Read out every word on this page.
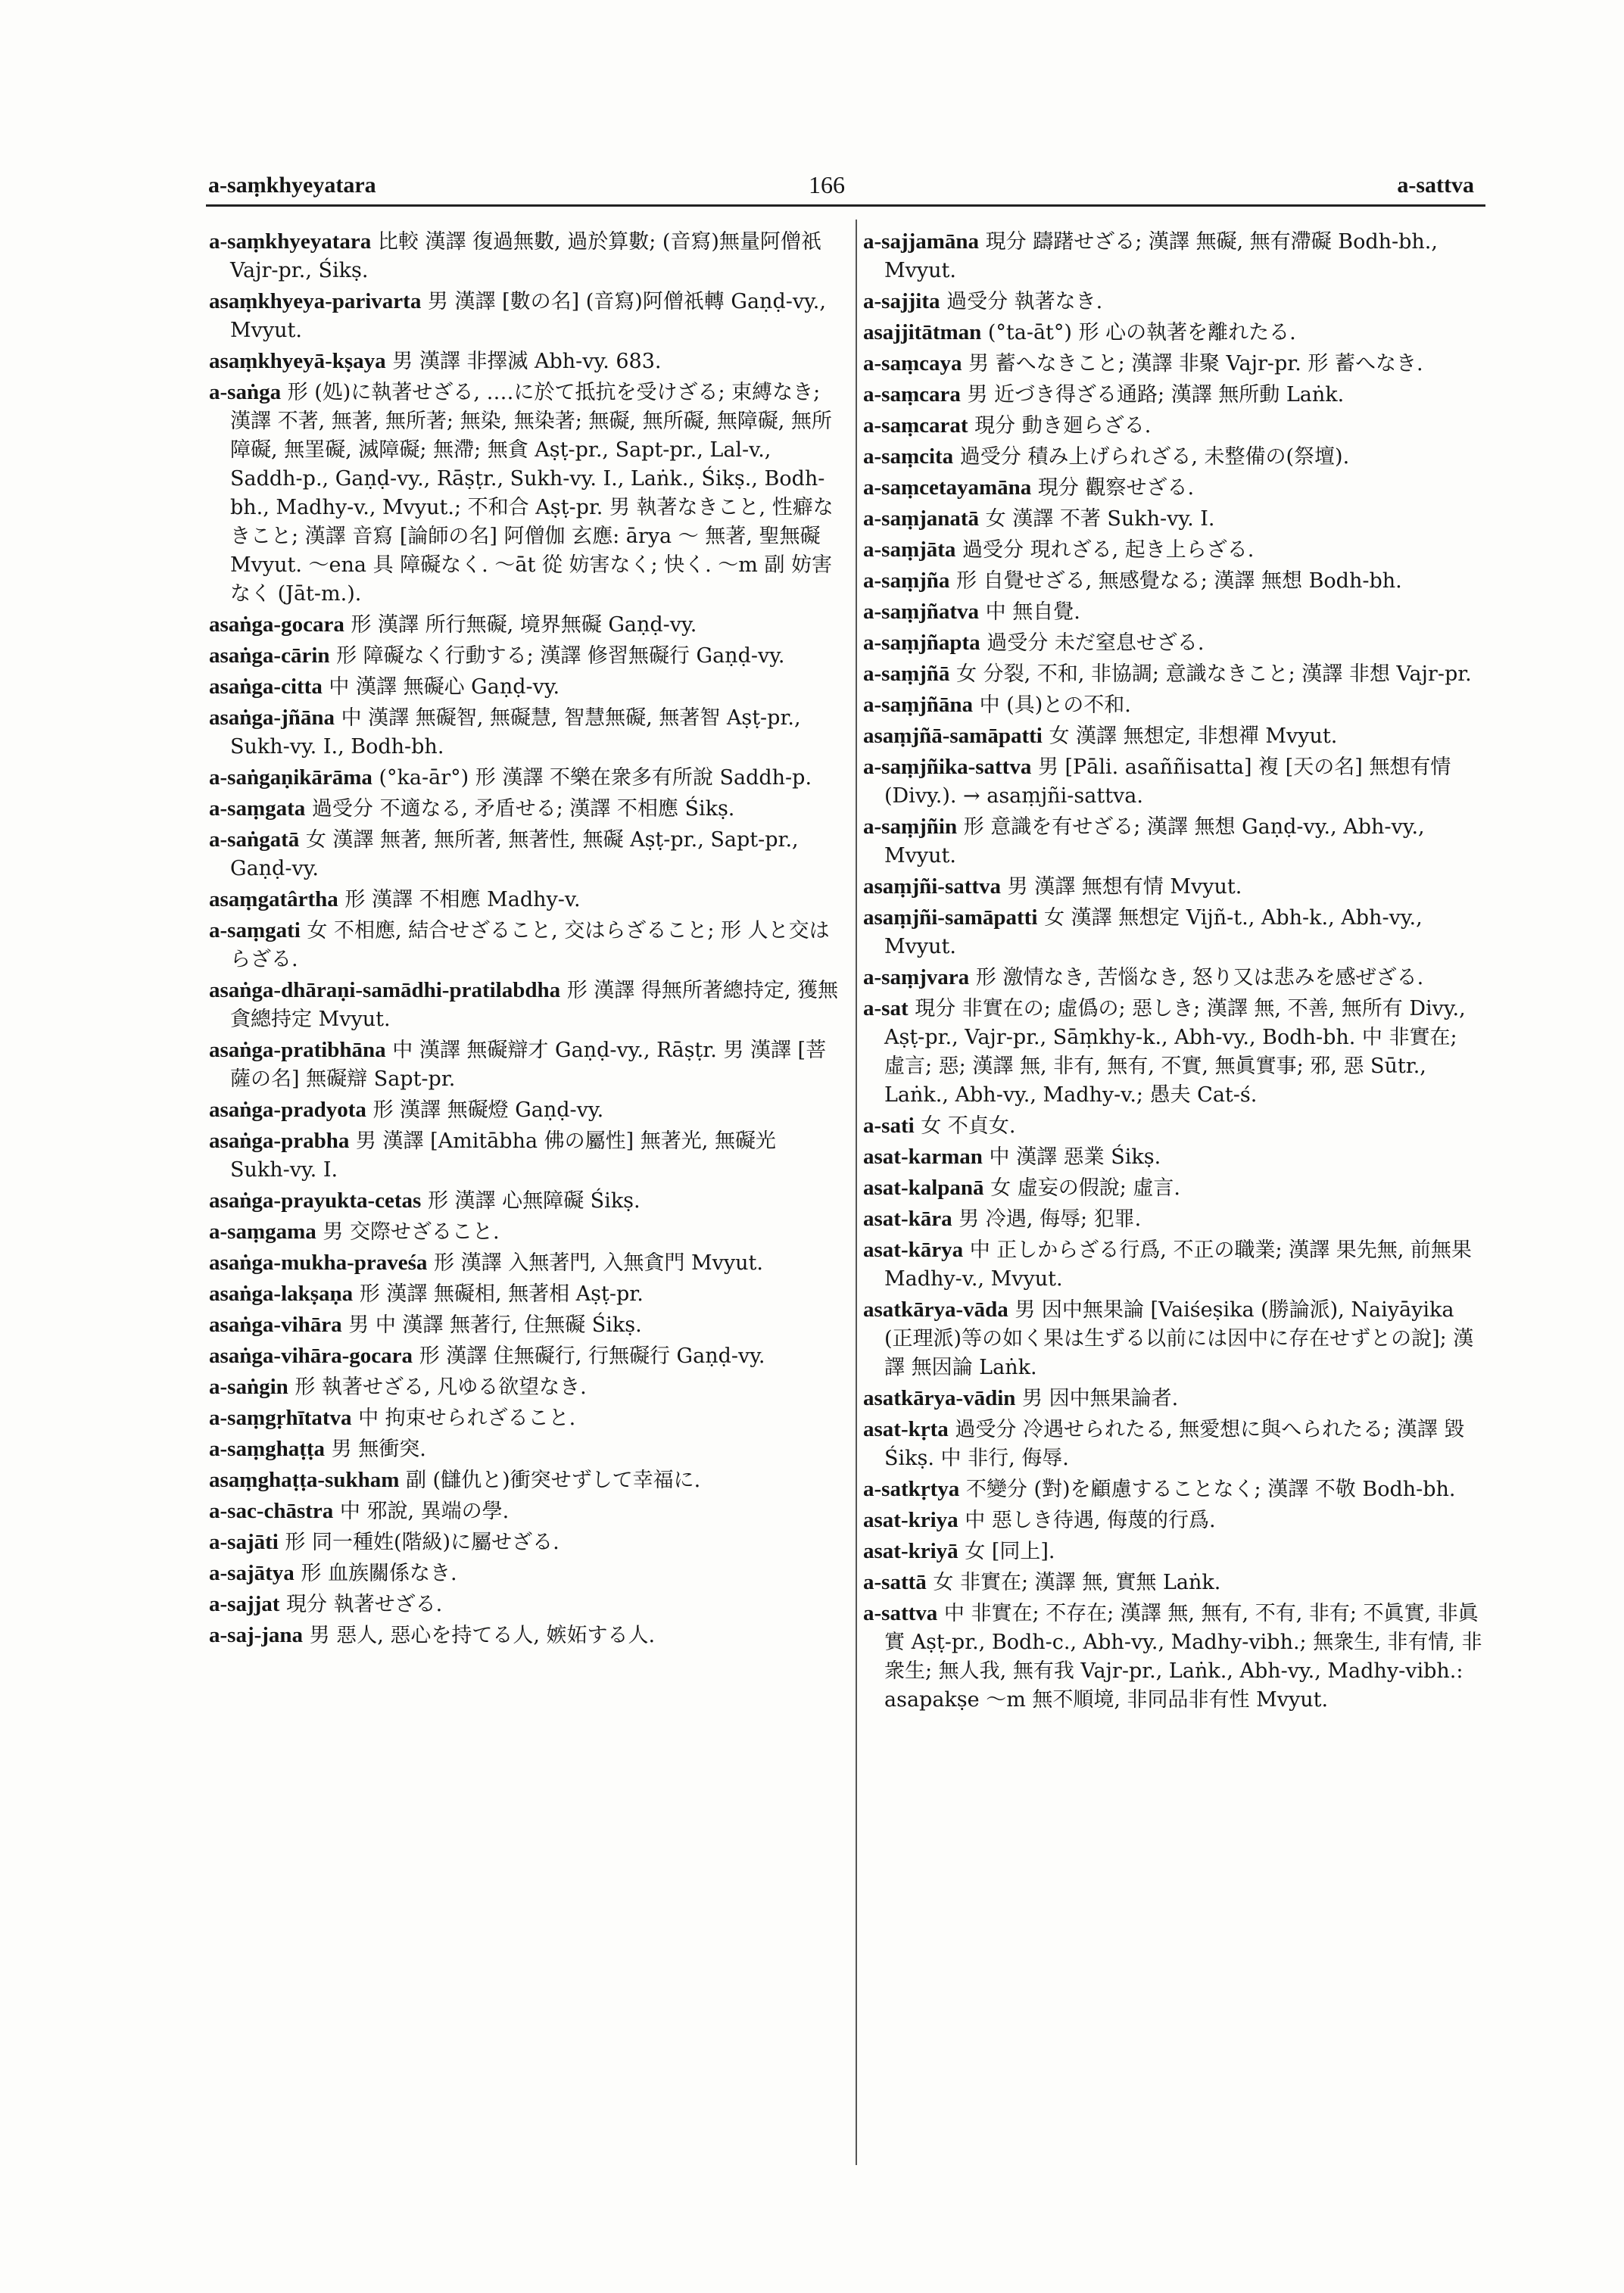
a-saṃkhyeyatara	166	a-sattva
a-saṃkhyeyatara 比較 漢譯 復過無數, 過於算數; (音寫)無量阿僧祇 Vajr-pr., Śikṣ.
asaṃkhyeya-parivarta 男 漢譯 [數の名] (音寫)阿僧祇轉 Gaṇḍ-vy., Mvyut.
asaṃkhyeyā-kṣaya 男 漢譯 非擇滅 Abh-vy. 683.
a-saṅga 形 (処)に執著せざる, ‥‥に於て抵抗を受けざる; 束縛なき; 漢譯 不著, 無著, 無所著; 無染, 無染著; 無礙, 無所礙, 無障礙, 無所障礙, 無罣礙, 滅障礙; 無滯; 無貪 Aṣṭ-pr., Sapt-pr., Lal-v., Saddh-p., Gaṇḍ-vy., Rāṣṭr., Sukh-vy. I., Laṅk., Śikṣ., Bodh-bh., Madhy-v., Mvyut.; 不和合 Aṣṭ-pr. 男 執著なきこと, 性癖なきこと; 漢譯 音寫 [論師の名] 阿僧伽 玄應: ārya ～ 無著, 聖無礙 Mvyut. ～ena 具 障礙なく. ～āt 從 妨害なく; 快く. ～m 副 妨害なく (Jāt-m.).
asaṅga-gocara 形 漢譯 所行無礙, 境界無礙 Gaṇḍ-vy.
asaṅga-cārin 形 障礙なく行動する; 漢譯 修習無礙行 Gaṇḍ-vy.
asaṅga-citta 中 漢譯 無礙心 Gaṇḍ-vy.
asaṅga-jñāna 中 漢譯 無礙智, 無礙慧, 智慧無礙, 無著智 Aṣṭ-pr., Sukh-vy. I., Bodh-bh.
a-saṅgaṇikārāma (°ka-ār°) 形 漢譯 不樂在衆多有所說 Saddh-p.
a-saṃgata 過受分 不適なる, 矛盾せる; 漢譯 不相應 Śikṣ.
a-saṅgatā 女 漢譯 無著, 無所著, 無著性, 無礙 Aṣṭ-pr., Sapt-pr., Gaṇḍ-vy.
asaṃgatârtha 形 漢譯 不相應 Madhy-v.
a-saṃgati 女 不相應, 結合せざること, 交はらざること; 形 人と交はらざる.
asaṅga-dhāraṇi-samādhi-pratilabdha 形 漢譯 得無所著總持定, 獲無貪總持定 Mvyut.
asaṅga-pratibhāna 中 漢譯 無礙辯才 Gaṇḍ-vy., Rāṣṭr. 男 漢譯 [菩薩の名] 無礙辯 Sapt-pr.
asaṅga-pradyota 形 漢譯 無礙燈 Gaṇḍ-vy.
asaṅga-prabha 男 漢譯 [Amitābha 佛の屬性] 無著光, 無礙光 Sukh-vy. I.
asaṅga-prayukta-cetas 形 漢譯 心無障礙 Śikṣ.
a-saṃgama 男 交際せざること.
asaṅga-mukha-praveśa 形 漢譯 入無著門, 入無貪門 Mvyut.
asaṅga-lakṣaṇa 形 漢譯 無礙相, 無著相 Aṣṭ-pr.
asaṅga-vihāra 男 中 漢譯 無著行, 住無礙 Śikṣ.
asaṅga-vihāra-gocara 形 漢譯 住無礙行, 行無礙行 Gaṇḍ-vy.
a-saṅgin 形 執著せざる, 凡ゆる欲望なき.
a-saṃgṛhītatva 中 拘束せられざること.
a-saṃghaṭṭa 男 無衝突.
asaṃghaṭṭa-sukham 副 (讎仇と)衝突せずして幸福に.
a-sac-chāstra 中 邪說, 異端の學.
a-sajāti 形 同一種姓(階級)に屬せざる.
a-sajātya 形 血族關係なき.
a-sajjat 現分 執著せざる.
a-saj-jana 男 惡人, 惡心を持てる人, 嫉妬する人.
a-sajjamāna 現分 躊躇せざる; 漢譯 無礙, 無有滯礙 Bodh-bh., Mvyut.
a-sajjita 過受分 執著なき.
asajjitātman (°ta-āt°) 形 心の執著を離れたる.
a-saṃcaya 男 蓄へなきこと; 漢譯 非聚 Vajr-pr. 形 蓄へなき.
a-saṃcara 男 近づき得ざる通路; 漢譯 無所動 Laṅk.
a-saṃcarat 現分 動き廻らざる.
a-saṃcita 過受分 積み上げられざる, 未整備の(祭壇).
a-saṃcetayamāna 現分 觀察せざる.
a-saṃjanatā 女 漢譯 不著 Sukh-vy. I.
a-saṃjāta 過受分 現れざる, 起き上らざる.
a-saṃjña 形 自覺せざる, 無感覺なる; 漢譯 無想 Bodh-bh.
a-saṃjñatva 中 無自覺.
a-saṃjñapta 過受分 未だ窒息せざる.
a-saṃjñā 女 分裂, 不和, 非協調; 意識なきこと; 漢譯 非想 Vajr-pr.
a-saṃjñāna 中 (具)との不和.
asaṃjñā-samāpatti 女 漢譯 無想定, 非想禪 Mvyut.
a-saṃjñika-sattva 男 [Pāli. asaññisatta] 複 [天の名] 無想有情 (Divy.). → asaṃjñi-sattva.
a-saṃjñin 形 意識を有せざる; 漢譯 無想 Gaṇḍ-vy., Abh-vy., Mvyut.
asaṃjñi-sattva 男 漢譯 無想有情 Mvyut.
asaṃjñi-samāpatti 女 漢譯 無想定 Vijñ-t., Abh-k., Abh-vy., Mvyut.
a-saṃjvara 形 激情なき, 苦惱なき, 怒り又は悲みを感ぜざる.
a-sat 現分 非實在の; 虛僞の; 惡しき; 漢譯 無, 不善, 無所有 Divy., Aṣṭ-pr., Vajr-pr., Sāṃkhy-k., Abh-vy., Bodh-bh. 中 非實在; 虛言; 惡; 漢譯 無, 非有, 無有, 不實, 無眞實事; 邪, 惡 Sūtr., Laṅk., Abh-vy., Madhy-v.; 愚夫 Cat-ś.
a-sati 女 不貞女.
asat-karman 中 漢譯 惡業 Śikṣ.
asat-kalpanā 女 虛妄の假說; 虛言.
asat-kāra 男 冷遇, 侮辱; 犯罪.
asat-kārya 中 正しからざる行爲, 不正の職業; 漢譯 果先無, 前無果 Madhy-v., Mvyut.
asatkārya-vāda 男 因中無果論 [Vaiśeṣika (勝論派), Naiyāyika (正理派)等の如く果は生ずる以前には因中に存在せずとの說]; 漢譯 無因論 Laṅk.
asatkārya-vādin 男 因中無果論者.
asat-kṛta 過受分 冷遇せられたる, 無愛想に與へられたる; 漢譯 毀 Śikṣ. 中 非行, 侮辱.
a-satkṛtya 不變分 (對)を顧慮することなく; 漢譯 不敬 Bodh-bh.
asat-kriya 中 惡しき待遇, 侮蔑的行爲.
asat-kriyā 女 [同上].
a-sattā 女 非實在; 漢譯 無, 實無 Laṅk.
a-sattva 中 非實在; 不存在; 漢譯 無, 無有, 不有, 非有; 不眞實, 非眞實 Aṣṭ-pr., Bodh-c., Abh-vy., Madhy-vibh.; 無衆生, 非有情, 非衆生; 無人我, 無有我 Vajr-pr., Laṅk., Abh-vy., Madhy-vibh.: asapakṣe ～m 無不順境, 非同品非有性 Mvyut.
